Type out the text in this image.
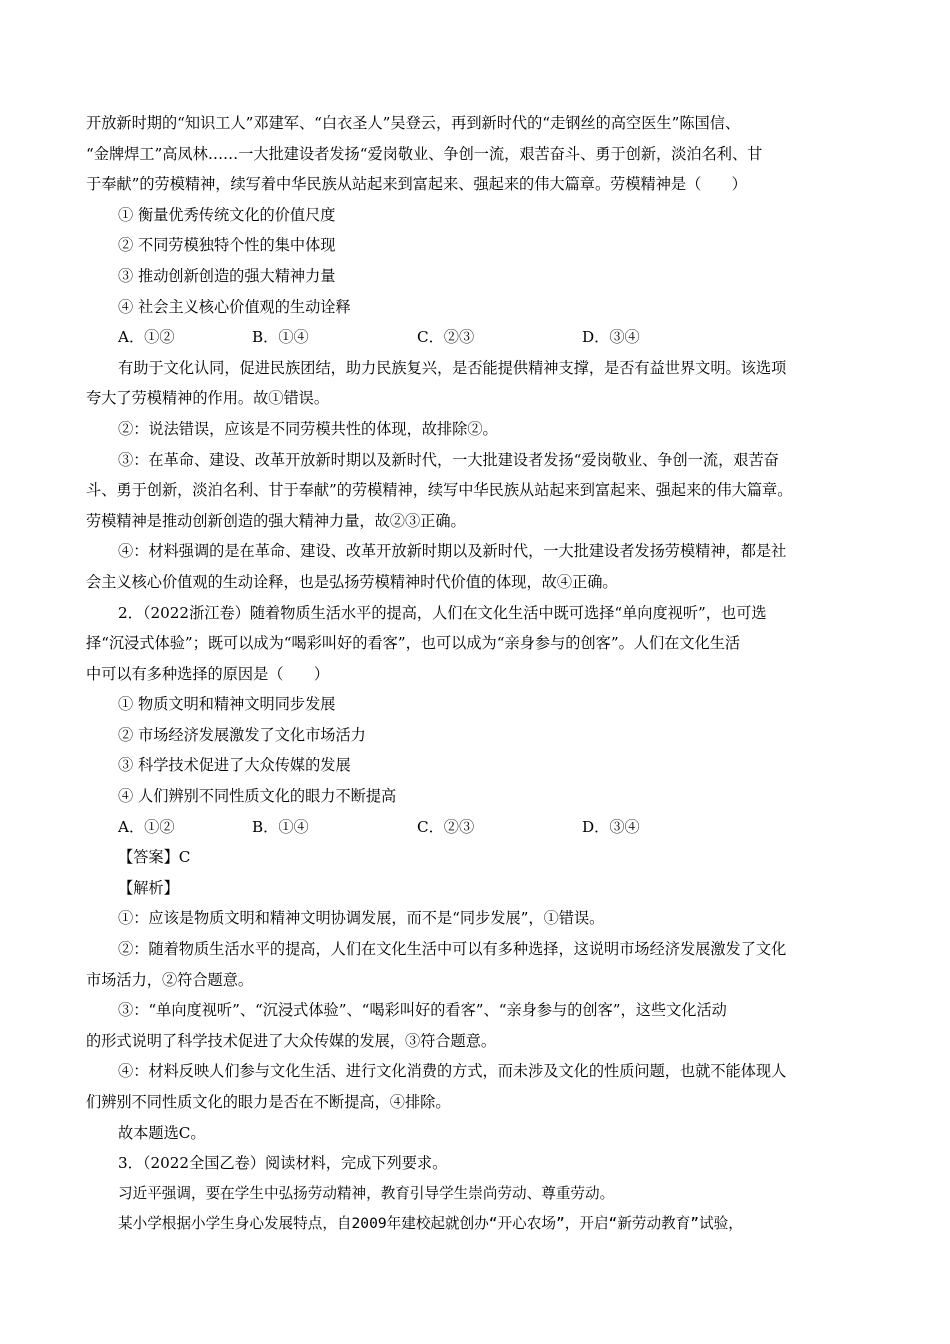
开放新时期的“知识工人”邓建军、“白衣圣人”吴登云，再到新时代的“走钢丝的高空医生”陈国信、

“金牌焊工”高凤林……一大批建设者发扬“爱岗敬业、争创一流，艰苦奋斗、勇于创新，淡泊名利、甘

于奉献”的劳模精神，续写着中华民族从站起来到富起来、强起来的伟大篇章。劳模精神是（　　）

① 衡量优秀传统文化的价值尺度

② 不同劳模独特个性的集中体现

③ 推动创新创造的强大精神力量

④ 社会主义核心价值观的生动诠释

A．①②	B．①④	C．②③	D．③④

有助于文化认同，促进民族团结，助力民族复兴，是否能提供精神支撑，是否有益世界文明。该选项

夸大了劳模精神的作用。故①错误。

②：说法错误，应该是不同劳模共性的体现，故排除②。

③：在革命、建设、改革开放新时期以及新时代，一大批建设者发扬“爱岗敬业、争创一流，艰苦奋

斗、勇于创新，淡泊名利、甘于奉献”的劳模精神，续写中华民族从站起来到富起来、强起来的伟大篇章。

劳模精神是推动创新创造的强大精神力量，故②③正确。

④：材料强调的是在革命、建设、改革开放新时期以及新时代，一大批建设者发扬劳模精神，都是社

会主义核心价值观的生动诠释，也是弘扬劳模精神时代价值的体现，故④正确。

2．（2022浙江卷）随着物质生活水平的提高，人们在文化生活中既可选择“单向度视听”，也可选

择“沉浸式体验”；既可以成为“喝彩叫好的看客”，也可以成为“亲身参与的创客”。人们在文化生活

中可以有多种选择的原因是（　　）

① 物质文明和精神文明同步发展

② 市场经济发展激发了文化市场活力

③ 科学技术促进了大众传媒的发展

④ 人们辨别不同性质文化的眼力不断提高

A．①②	B．①④	C．②③	D．③④

【答案】C

【解析】

①：应该是物质文明和精神文明协调发展，而不是“同步发展”，①错误。

②：随着物质生活水平的提高，人们在文化生活中可以有多种选择，这说明市场经济发展激发了文化

市场活力，②符合题意。

③：“单向度视听”、“沉浸式体验”、“喝彩叫好的看客”、“亲身参与的创客”，这些文化活动

的形式说明了科学技术促进了大众传媒的发展，③符合题意。

④：材料反映人们参与文化生活、进行文化消费的方式，而未涉及文化的性质问题，也就不能体现人

们辨别不同性质文化的眼力是否在不断提高，④排除。

故本题选C。

3．（2022全国乙卷）阅读材料，完成下列要求。

习近平强调，要在学生中弘扬劳动精神，教育引导学生崇尚劳动、尊重劳动。

某小学根据小学生身心发展特点，自2009年建校起就创办“开心农场”，开启“新劳动教育”试验，
